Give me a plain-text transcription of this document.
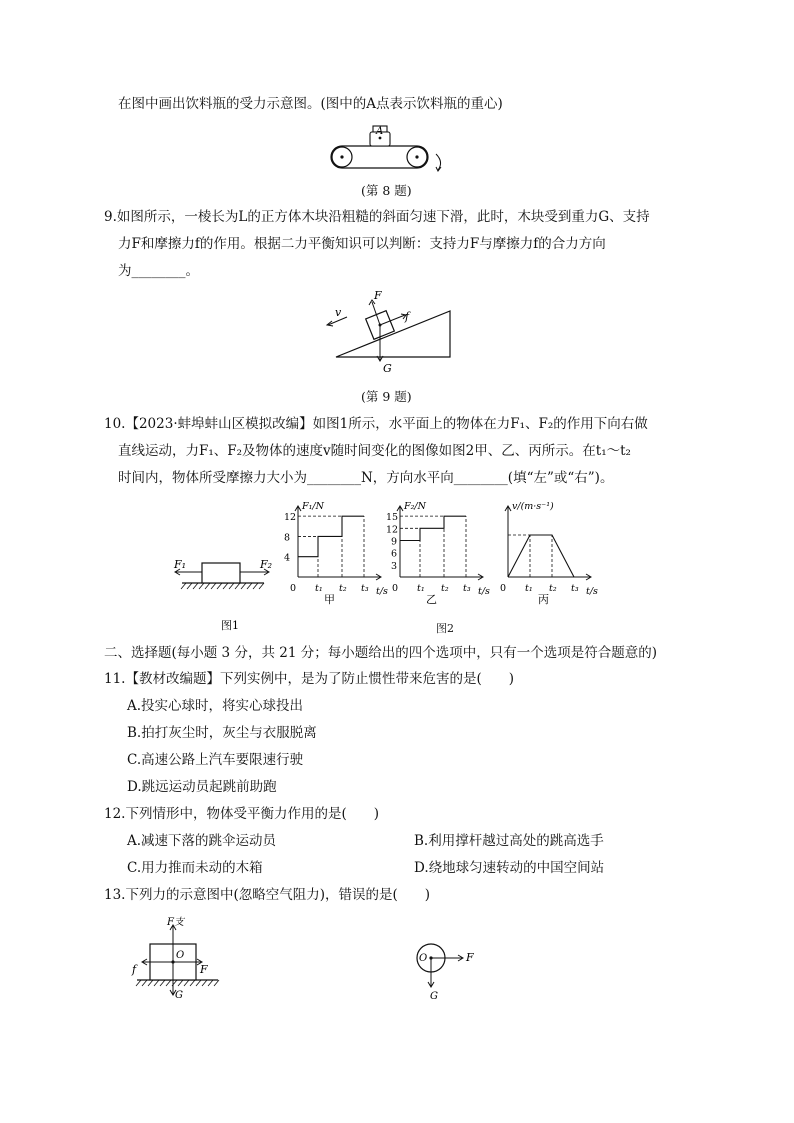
在图中画出饮料瓶的受力示意图。(图中的A点表示饮料瓶的重心)
A
(第 8 题)
9.如图所示，一棱长为L的正方体木块沿粗糙的斜面匀速下滑，此时，木块受到重力G、支持
力F和摩擦力f的作用。根据二力平衡知识可以判断：支持力F与摩擦力f的合力方向
为________。
F
f
G
v
(第 9 题)
10.【2023·蚌埠蚌山区模拟改编】如图1所示，水平面上的物体在力F₁、F₂的作用下向右做
直线运动，力F₁、F₂及物体的速度v随时间变化的图像如图2甲、乙、丙所示。在t₁～t₂
时间内，物体所受摩擦力大小为________N，方向水平向________(填“左”或“右”)。
F₁	F₂
图1
F₁/N
t/s
甲
0 t₁ t₂ t₃
F₂/N
t/s
乙
0 t₁ t₂ t₃
v/(m·s⁻¹)
t/s
丙
0 t₁ t₂ t₃
12
8
4
15
12
9
6
3
图2
二、选择题(每小题 3 分，共 21 分；每小题给出的四个选项中，只有一个选项是符合题意的)
11.【教材改编题】下列实例中，是为了防止惯性带来危害的是(　　)
A.投实心球时，将实心球投出
B.拍打灰尘时，灰尘与衣服脱离
C.高速公路上汽车要限速行驶
D.跳远运动员起跳前助跑
12.下列情形中，物体受平衡力作用的是(　　)
A.减速下落的跳伞运动员	B.利用撑杆越过高处的跳高选手
C.用力推而未动的木箱	D.绕地球匀速转动的中国空间站
13.下列力的示意图中(忽略空气阻力)，错误的是(　　)
F支
O
f	F
G
O	F
G
